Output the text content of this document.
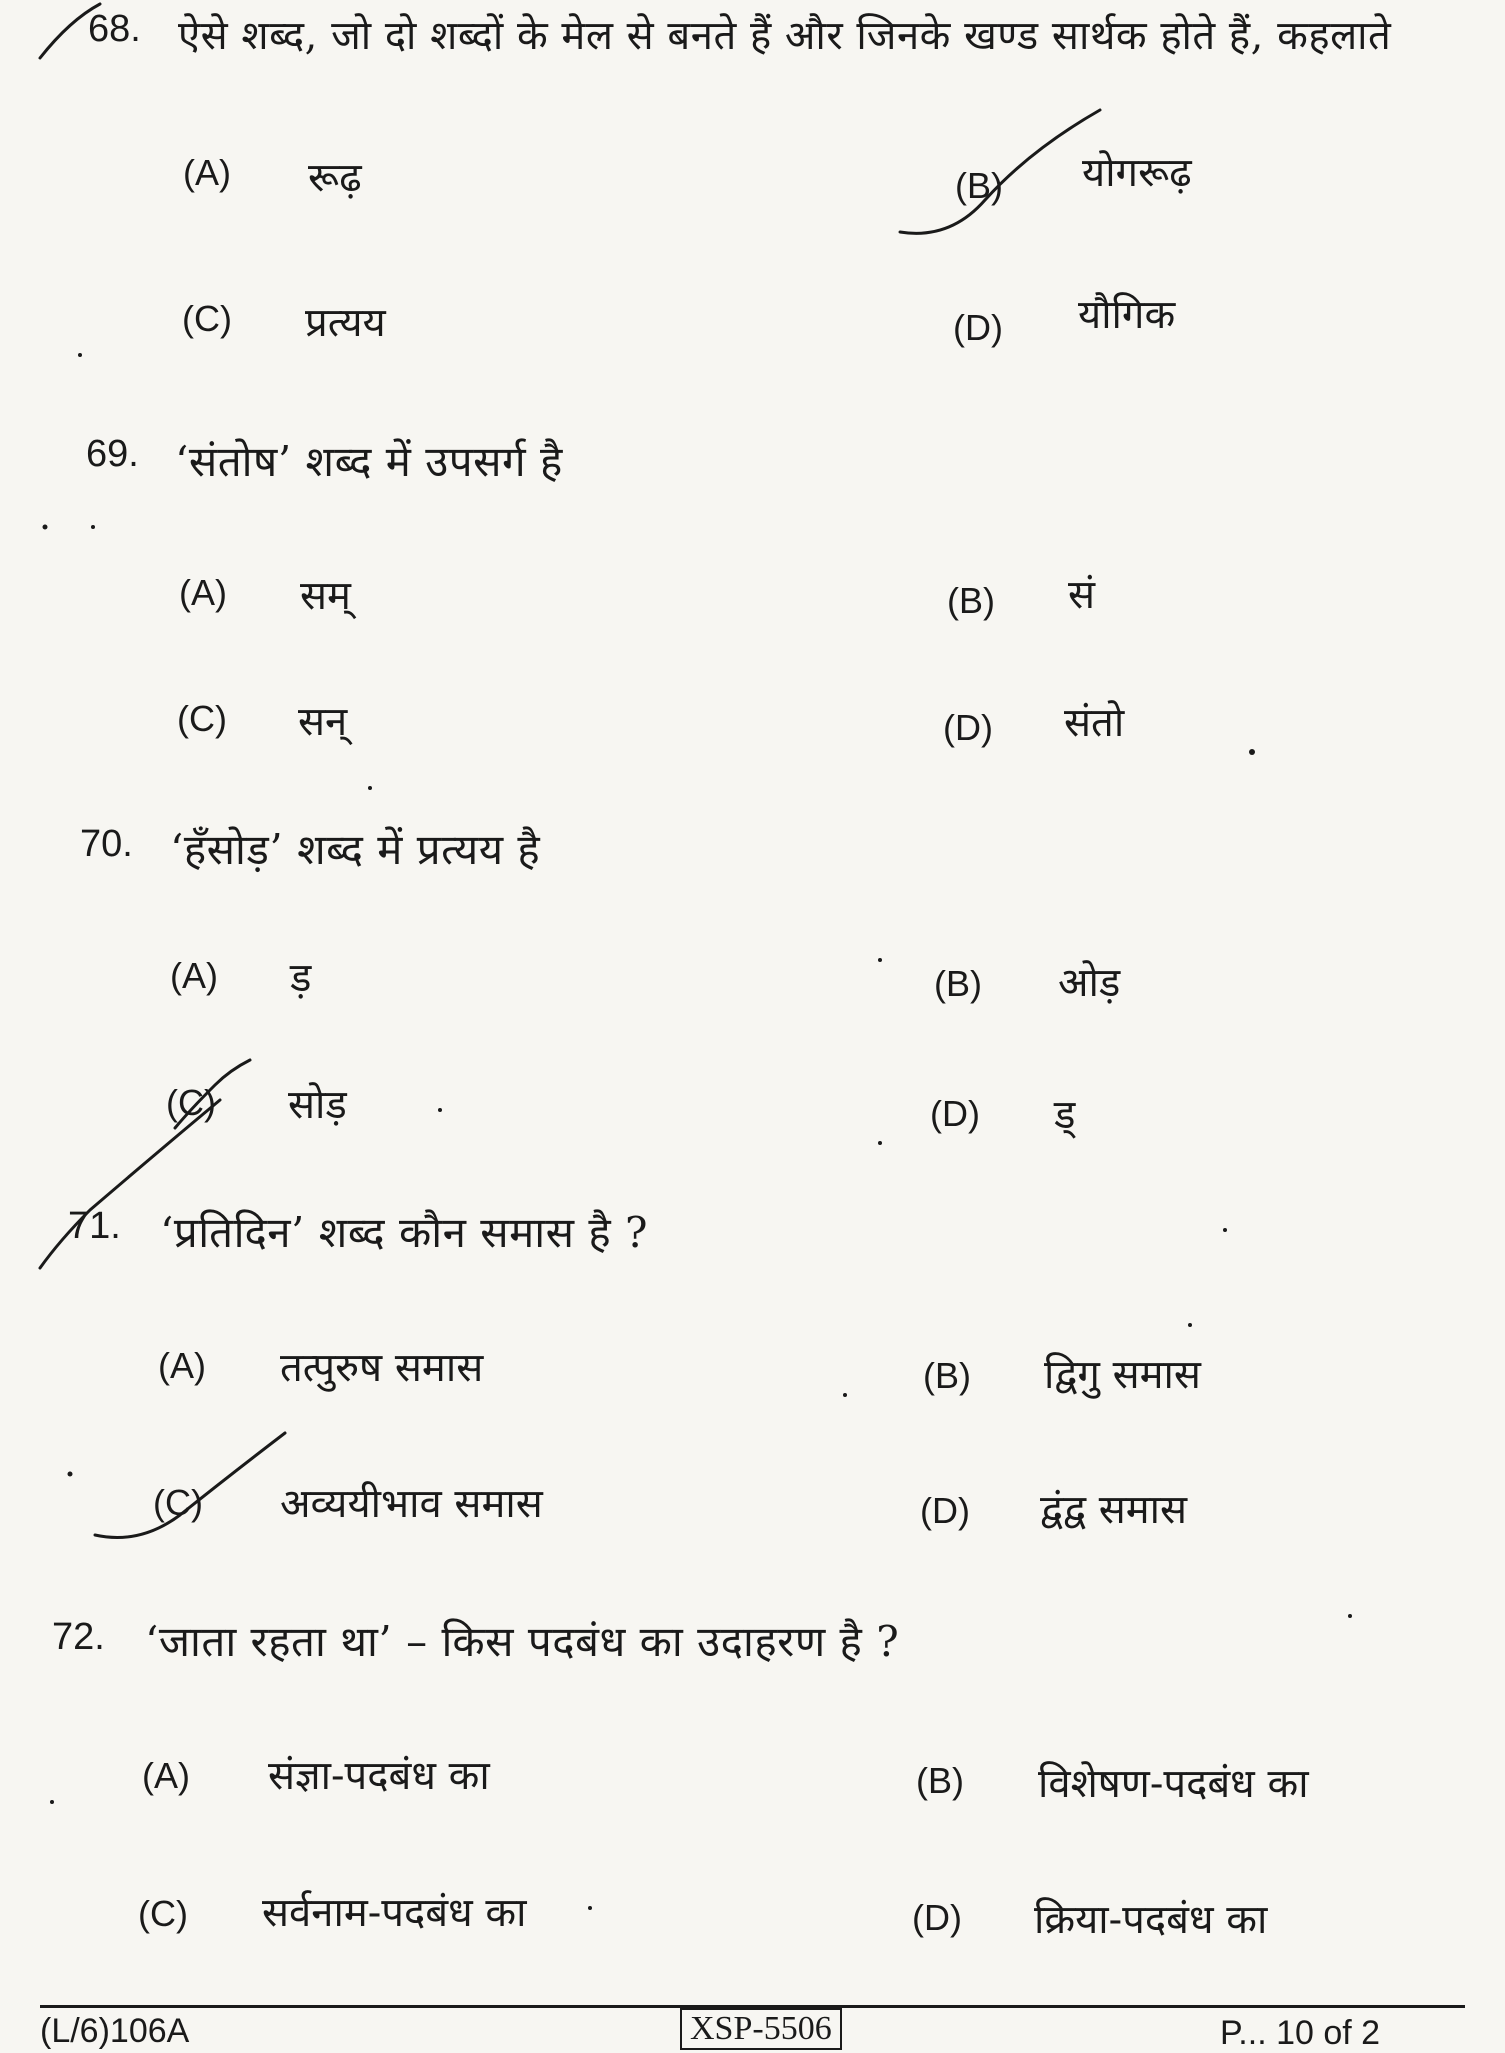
68. ऐसे शब्द, जो दो शब्दों के मेल से बनते हैं और जिनके खण्ड सार्थक होते हैं, कहलाते
(A) रूढ़	(B) योगरूढ़
(C) प्रत्यय	(D) यौगिक
69. ‘संतोष’ शब्द में उपसर्ग है
(A) सम्	(B) सं
(C) सन्	(D) संतो
70. ‘हँसोड़’ शब्द में प्रत्यय है
(A) ड़	(B) ओड़
(C) सोड़	(D) ड्
71. ‘प्रतिदिन’ शब्द कौन समास है ?
(A) तत्पुरुष समास	(B) द्विगु समास
(C) अव्ययीभाव समास	(D) द्वंद्व समास
72. ‘जाता रहता था’ – किस पदबंध का उदाहरण है ?
(A) संज्ञा-पदबंध का	(B) विशेषण-पदबंध का
(C) सर्वनाम-पदबंध का	(D) क्रिया-पदबंध का
(L/6)106A	XSP-5506	P... 10 of 2
